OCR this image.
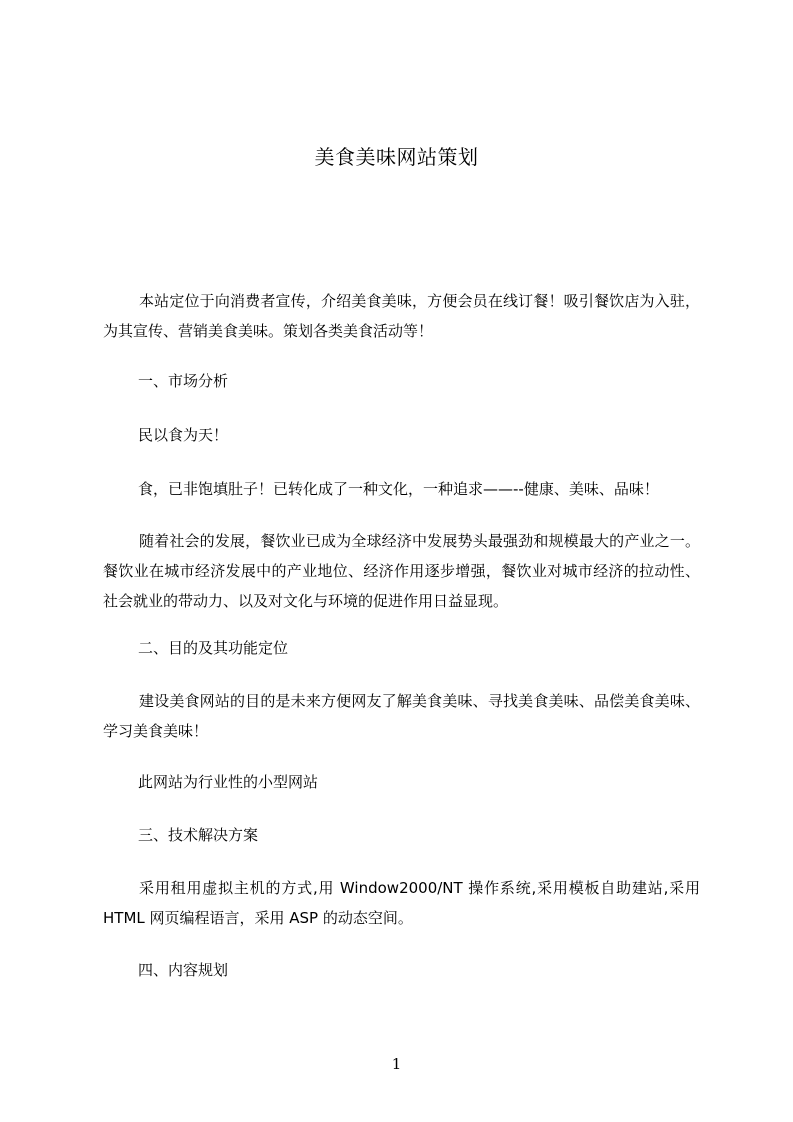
美食美味网站策划

本站定位于向消费者宣传，介绍美食美味，方便会员在线订餐！吸引餐饮店为入驻，为其宣传、营销美食美味。策划各类美食活动等！

一、市场分析

民以食为天！

食，已非饱填肚子！已转化成了一种文化，一种追求——--健康、美味、品味！

随着社会的发展，餐饮业已成为全球经济中发展势头最强劲和规模最大的产业之一。餐饮业在城市经济发展中的产业地位、经济作用逐步增强，餐饮业对城市经济的拉动性、社会就业的带动力、以及对文化与环境的促进作用日益显现。

二、目的及其功能定位

建设美食网站的目的是未来方便网友了解美食美味、寻找美食美味、品偿美食美味、学习美食美味！

此网站为行业性的小型网站

三、技术解决方案

采用租用虚拟主机的方式,用 Window2000/NT 操作系统,采用模板自助建站,采用 HTML 网页编程语言，采用 ASP 的动态空间。

四、内容规划

1
